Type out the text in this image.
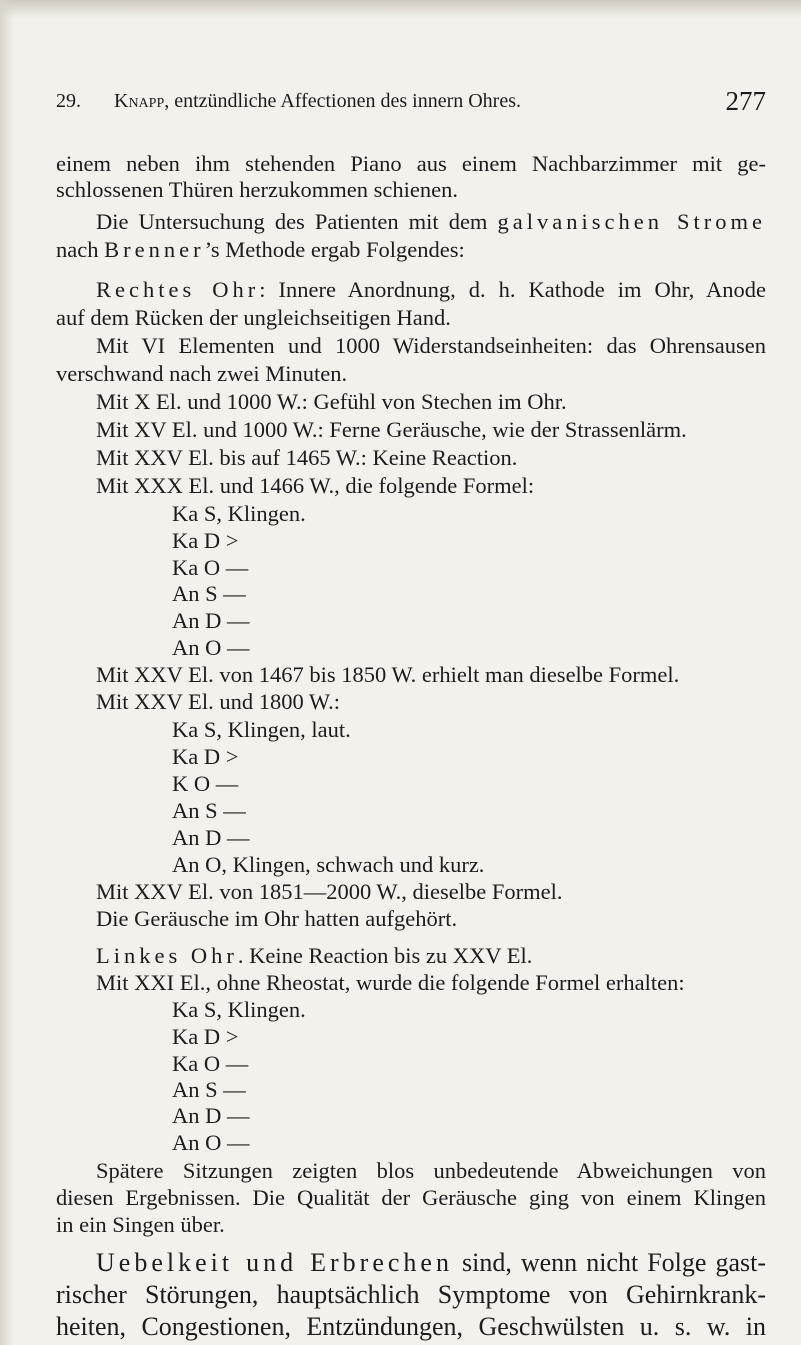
29. Knapp, entzündliche Affectionen des innern Ohres.	277
einem neben ihm stehenden Piano aus einem Nachbarzimmer mit ge-
schlossenen Thüren herzukommen schienen.
Die Untersuchung des Patienten mit dem galvanischen Strome
nach Brenner’s Methode ergab Folgendes:
Rechtes Ohr: Innere Anordnung, d. h. Kathode im Ohr, Anode
auf dem Rücken der ungleichseitigen Hand.
Mit VI Elementen und 1000 Widerstandseinheiten: das Ohrensausen
verschwand nach zwei Minuten.
Mit X El. und 1000 W.: Gefühl von Stechen im Ohr.
Mit XV El. und 1000 W.: Ferne Geräusche, wie der Strassenlärm.
Mit XXV El. bis auf 1465 W.: Keine Reaction.
Mit XXX El. und 1466 W., die folgende Formel:
Ka S, Klingen.
Ka D >
Ka O —
An S —
An D —
An O —
Mit XXV El. von 1467 bis 1850 W. erhielt man dieselbe Formel.
Mit XXV El. und 1800 W.:
Ka S, Klingen, laut.
Ka D >
K O —
An S —
An D —
An O, Klingen, schwach und kurz.
Mit XXV El. von 1851—2000 W., dieselbe Formel.
Die Geräusche im Ohr hatten aufgehört.
Linkes Ohr. Keine Reaction bis zu XXV El.
Mit XXI El., ohne Rheostat, wurde die folgende Formel erhalten:
Ka S, Klingen.
Ka D >
Ka O —
An S —
An D —
An O —
Spätere Sitzungen zeigten blos unbedeutende Abweichungen von
diesen Ergebnissen. Die Qualität der Geräusche ging von einem Klingen
in ein Singen über.
Uebelkeit und Erbrechen sind, wenn nicht Folge gast-
rischer Störungen, hauptsächlich Symptome von Gehirnkrank-
heiten, Congestionen, Entzündungen, Geschwülsten u. s. w. in
